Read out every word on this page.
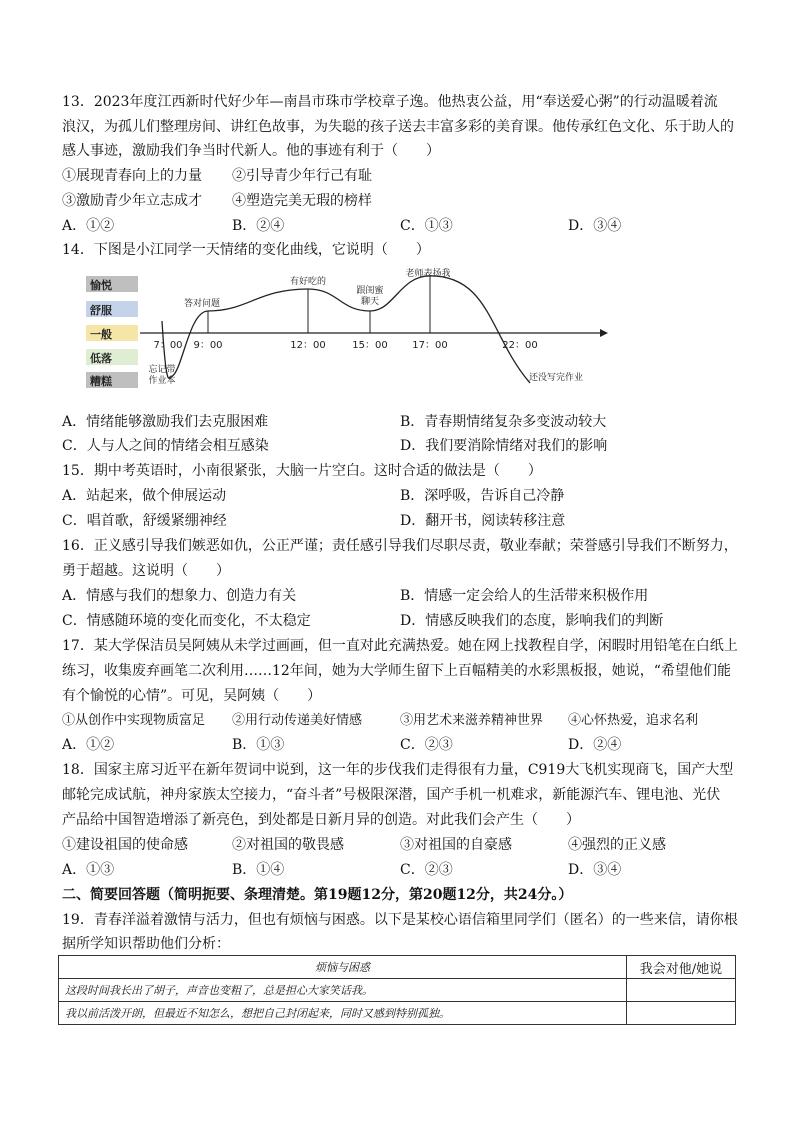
13．2023年度江西新时代好少年—南昌市珠市学校章子逸。他热衷公益，用“奉送爱心粥”的行动温暖着流
浪汉，为孤儿们整理房间、讲红色故事，为失聪的孩子送去丰富多彩的美育课。他传承红色文化、乐于助人的
感人事迹，激励我们争当时代新人。他的事迹有利于（　　）
①展现青春向上的力量 ②引导青少年行己有耻
③激励青少年立志成才 ④塑造完美无瑕的榜样
A．①②	B．②④	C．①③	D．③④
14．下图是小江同学一天情绪的变化曲线，它说明（　　）
愉悦
舒服
一般
低落
糟糕
7：00 9：00	12：00	15：00 17：00	22：00
忘记带作业本
答对问题
有好吃的
跟闺蜜聊天
老师表扬我
还没写完作业
A．情绪能够激励我们去克服困难	B．青春期情绪复杂多变波动较大
C．人与人之间的情绪会相互感染	D．我们要消除情绪对我们的影响
15．期中考英语时，小南很紧张，大脑一片空白。这时合适的做法是（　　）
A．站起来，做个伸展运动	B．深呼吸，告诉自己冷静
C．唱首歌，舒缓紧绷神经	D．翻开书，阅读转移注意
16．正义感引导我们嫉恶如仇，公正严谨；责任感引导我们尽职尽责，敬业奉献；荣誉感引导我们不断努力，
勇于超越。这说明（　　）
A．情感与我们的想象力、创造力有关	B．情感一定会给人的生活带来积极作用
C．情感随环境的变化而变化，不太稳定	D．情感反映我们的态度，影响我们的判断
17．某大学保洁员吴阿姨从未学过画画，但一直对此充满热爱。她在网上找教程自学，闲暇时用铅笔在白纸上
练习，收集废弃画笔二次利用……12年间，她为大学师生留下上百幅精美的水彩黑板报，她说，“希望他们能
有个愉悦的心情”。可见，吴阿姨（　　）
①从创作中实现物质富足 ②用行动传递美好情感	③用艺术来滋养精神世界 ④心怀热爱，追求名利
A．①②	B．①③	C．②③	D．②④
18．国家主席习近平在新年贺词中说到，这一年的步伐我们走得很有力量，C919大飞机实现商飞，国产大型
邮轮完成试航，神舟家族太空接力，“奋斗者”号极限深潜，国产手机一机难求，新能源汽车、锂电池、光伏
产品给中国智造增添了新亮色，到处都是日新月异的创造。对此我们会产生（　　）
①建设祖国的使命感	②对祖国的敬畏感	③对祖国的自豪感	④强烈的正义感
A．①③	B．①④	C．②③	D．③④
二、简要回答题（简明扼要、条理清楚。第19题12分，第20题12分，共24分。）
19．青春洋溢着激情与活力，但也有烦恼与困惑。以下是某校心语信箱里同学们（匿名）的一些来信，请你根
据所学知识帮助他们分析：
烦恼与困惑	我会对他/她说
这段时间我长出了胡子，声音也变粗了，总是担心大家笑话我。	
我以前活泼开朗，但最近不知怎么，想把自己封闭起来，同时又感到特别孤独。	
